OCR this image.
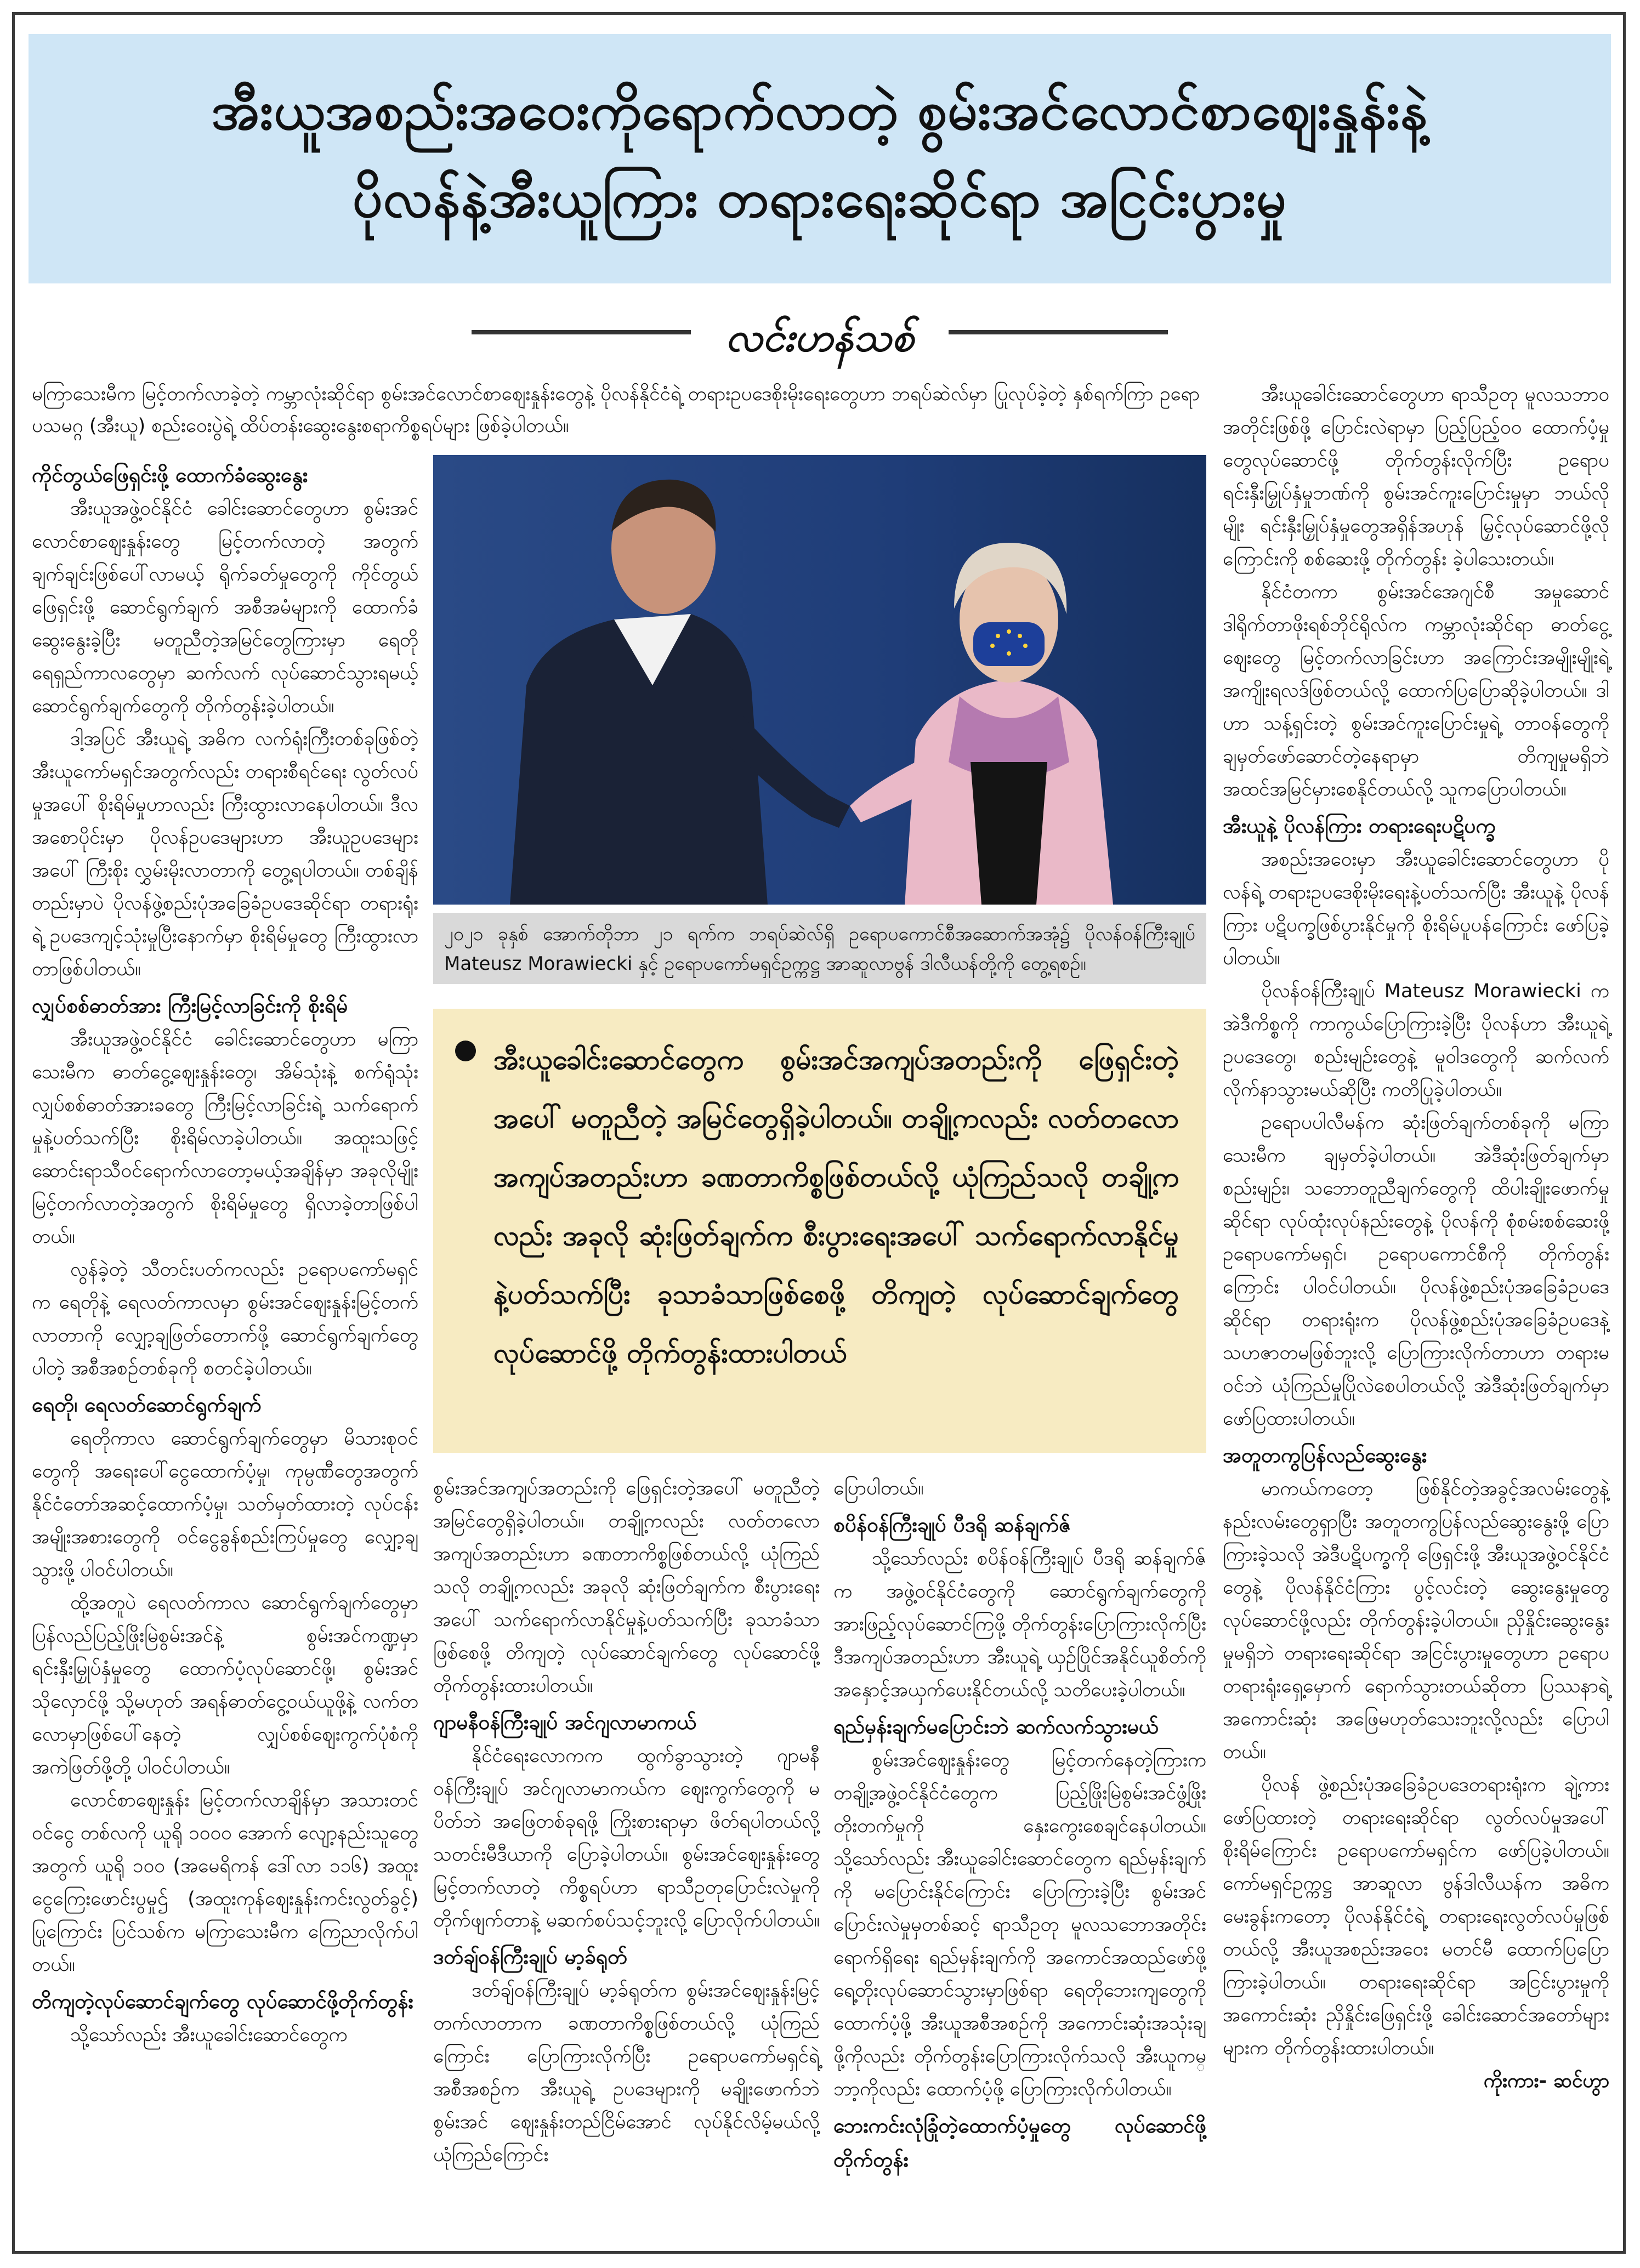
အီးယူအစည်းအဝေးကိုရောက်လာတဲ့ စွမ်းအင်လောင်စာဈေးနှုန်းနဲ့
ပိုလန်နဲ့အီးယူကြား တရားရေးဆိုင်ရာ အငြင်းပွားမှု
လင်းဟန်သစ်
မကြာသေးမီက မြင့်တက်လာခဲ့တဲ့ ကမ္ဘာလုံးဆိုင်ရာ စွမ်းအင်လောင်စာဈေးနှုန်းတွေနဲ့ ပိုလန်နိုင်ငံရဲ့ တရားဥပဒေစိုးမိုးရေးတွေဟာ ဘရပ်ဆဲလ်မှာ ပြုလုပ်ခဲ့တဲ့ နှစ်ရက်ကြာ ဥရောပသမဂ္ဂ (အီးယူ) စည်းဝေးပွဲရဲ့ ထိပ်တန်းဆွေးနွေးစရာကိစ္စရပ်များ ဖြစ်ခဲ့ပါတယ်။
ကိုင်တွယ်ဖြေရှင်းဖို့ ထောက်ခံဆွေးနွေး

အီးယူအဖွဲ့ဝင်နိုင်ငံ ခေါင်းဆောင်တွေဟာ စွမ်းအင်လောင်စာဈေးနှုန်းတွေ မြင့်တက်လာတဲ့ အတွက် ချက်ချင်းဖြစ်ပေါ်လာမယ့် ရိုက်ခတ်မှုတွေကို ကိုင်တွယ်ဖြေရှင်းဖို့ ဆောင်ရွက်ချက် အစီအမံများကို ထောက်ခံဆွေးနွေးခဲ့ပြီး မတူညီတဲ့အမြင်တွေကြားမှာ ရေတို ရေရှည်ကာလတွေမှာ ဆက်လက် လုပ်ဆောင်သွားရမယ့် ဆောင်ရွက်ချက်တွေကို တိုက်တွန်းခဲ့ပါတယ်။

ဒါ့အပြင် အီးယူရဲ့ အဓိက လက်ရုံးကြီးတစ်ခုဖြစ်တဲ့ အီးယူကော်မရှင်အတွက်လည်း တရားစီရင်ရေး လွတ်လပ်မှုအပေါ် စိုးရိမ်မှုဟာလည်း ကြီးထွားလာနေပါတယ်။ ဒီလအစောပိုင်းမှာ ပိုလန်ဥပဒေများဟာ အီးယူဥပဒေများအပေါ် ကြီးစိုး လွှမ်းမိုးလာတာကို တွေ့ရပါတယ်။ တစ်ချိန်တည်းမှာပဲ ပိုလန်ဖွဲ့စည်းပုံအခြေခံဥပဒေဆိုင်ရာ တရားရုံးရဲ့ ဥပဒေကျင့်သုံးမှုပြီးနောက်မှာ စိုးရိမ်မှုတွေ ကြီးထွားလာတာဖြစ်ပါတယ်။

လျှပ်စစ်ဓာတ်အား ကြီးမြင့်လာခြင်းကို စိုးရိမ်

အီးယူအဖွဲ့ဝင်နိုင်ငံ ခေါင်းဆောင်တွေဟာ မကြာသေးမီက ဓာတ်ငွေ့ဈေးနှုန်းတွေ၊ အိမ်သုံးနဲ့ စက်ရုံသုံး လျှပ်စစ်ဓာတ်အားခတွေ ကြီးမြင့်လာခြင်းရဲ့ သက်ရောက်မှုနဲ့ပတ်သက်ပြီး စိုးရိမ်လာခဲ့ပါတယ်။ အထူးသဖြင့် ဆောင်းရာသီဝင်ရောက်လာတော့မယ့်အချိန်မှာ အခုလိုမျိုး မြင့်တက်လာတဲ့အတွက် စိုးရိမ်မှုတွေ ရှိလာခဲ့တာဖြစ်ပါတယ်။

လွန်ခဲ့တဲ့ သီတင်းပတ်ကလည်း ဥရောပကော်မရှင်က ရေတိုနဲ့ ရေလတ်ကာလမှာ စွမ်းအင်ဈေးနှုန်းမြင့်တက်လာတာကို လျှော့ချဖြတ်တောက်ဖို့ ဆောင်ရွက်ချက်တွေပါတဲ့ အစီအစဉ်တစ်ခုကို စတင်ခဲ့ပါတယ်။

ရေတို၊ ရေလတ်ဆောင်ရွက်ချက်

ရေတိုကာလ ဆောင်ရွက်ချက်တွေမှာ မိသားစုဝင်တွေကို အရေးပေါ်ငွေထောက်ပံ့မှု၊ ကုမ္ပဏီတွေအတွက် နိုင်ငံတော်အဆင့်ထောက်ပံ့မှု၊ သတ်မှတ်ထားတဲ့ လုပ်ငန်းအမျိုးအစားတွေကို ဝင်ငွေခွန်စည်းကြပ်မှုတွေ လျှော့ချသွားဖို့ ပါဝင်ပါတယ်။

ထို့အတူပဲ ရေလတ်ကာလ ဆောင်ရွက်ချက်တွေမှာ ပြန်လည်ပြည့်ဖြိုးမြဲစွမ်းအင်နဲ့ စွမ်းအင်ကဏ္ဍမှာ ရင်းနှီးမြှုပ်နှံမှုတွေ ထောက်ပံ့လုပ်ဆောင်ဖို့၊ စွမ်းအင်သိုလှောင်ဖို့ သို့မဟုတ် အရန်ဓာတ်ငွေ့ဝယ်ယူဖို့နဲ့ လက်တလောမှာဖြစ်ပေါ်နေတဲ့ လျှပ်စစ်ဈေးကွက်ပုံစံကို အကဲဖြတ်ဖို့တို့ ပါဝင်ပါတယ်။

လောင်စာဈေးနှုန်း မြင့်တက်လာချိန်မှာ အသားတင်ဝင်ငွေ တစ်လကို ယူရို ၁၀၀၀ အောက် လျော့နည်းသူတွေအတွက် ယူရို ၁၀၀ (အမေရိကန် ဒေါ်လာ ၁၁၆) အထူးငွေကြေးဖောင်းပွမှုဌ် (အထူးကုန်ဈေးနှုန်းကင်းလွတ်ခွင့်) ပြုကြောင်း ပြင်သစ်က မကြာသေးမီက ကြေညာလိုက်ပါတယ်။

တိကျတဲ့လုပ်ဆောင်ချက်တွေ လုပ်ဆောင်ဖို့တိုက်တွန်း

သို့သော်လည်း အီးယူခေါင်းဆောင်တွေက

၂၀၂၁ ခုနှစ် အောက်တိုဘာ ၂၁ ရက်က ဘရပ်ဆဲလ်ရှိ ဥရောပကောင်စီအဆောက်အအုံ၌ ပိုလန်ဝန်ကြီးချုပ် Mateusz Morawiecki နှင့် ဥရောပကော်မရှင်ဥက္ကဋ္ဌ အာဆူလာဗွန် ဒါလီယန်တို့ကို တွေ့ရစဉ်။
အီးယူခေါင်းဆောင်တွေက စွမ်းအင်အကျပ်အတည်းကို ဖြေရှင်းတဲ့အပေါ် မတူညီတဲ့ အမြင်တွေရှိခဲ့ပါတယ်။ တချို့ကလည်း လတ်တလောအကျပ်အတည်းဟာ ခဏတာကိစ္စဖြစ်တယ်လို့ ယုံကြည်သလို တချို့ကလည်း အခုလို ဆုံးဖြတ်ချက်က စီးပွားရေးအပေါ် သက်ရောက်လာနိုင်မှုနဲ့ပတ်သက်ပြီး ခုသာခံသာဖြစ်စေဖို့ တိကျတဲ့ လုပ်ဆောင်ချက်တွေလုပ်ဆောင်ဖို့ တိုက်တွန်းထားပါတယ်

စွမ်းအင်အကျပ်အတည်းကို ဖြေရှင်းတဲ့အပေါ် မတူညီတဲ့ အမြင်တွေရှိခဲ့ပါတယ်။ တချို့ကလည်း လတ်တလောအကျပ်အတည်းဟာ ခဏတာကိစ္စဖြစ်တယ်လို့ ယုံကြည်သလို တချို့ကလည်း အခုလို ဆုံးဖြတ်ချက်က စီးပွားရေးအပေါ် သက်ရောက်လာနိုင်မှုနဲ့ပတ်သက်ပြီး ခုသာခံသာဖြစ်စေဖို့ တိကျတဲ့ လုပ်ဆောင်ချက်တွေ လုပ်ဆောင်ဖို့ တိုက်တွန်းထားပါတယ်။

ဂျာမနီဝန်ကြီးချုပ် အင်ဂျလာမာကယ်

နိုင်ငံရေးလောကက ထွက်ခွာသွားတဲ့ ဂျာမနီဝန်ကြီးချုပ် အင်ဂျလာမာကယ်က ဈေးကွက်တွေကို မပိတ်ဘဲ အဖြေတစ်ခုရဖို့ ကြိုးစားရာမှာ ဖိတ်ရပါတယ်လို့ သတင်းမီဒီယာကို ပြောခဲ့ပါတယ်။ စွမ်းအင်ဈေးနှုန်းတွေ မြင့်တက်လာတဲ့ ကိစ္စရပ်ဟာ ရာသီဥတုပြောင်းလဲမှုကို တိုက်ဖျက်တာနဲ့ မဆက်စပ်သင့်ဘူးလို့ ပြောလိုက်ပါတယ်။

ဒတ်ချ်ဝန်ကြီးချုပ် မာ့ခ်ရုတ်

ဒတ်ချ်ဝန်ကြီးချုပ် မာ့ခ်ရုတ်က စွမ်းအင်ဈေးနှုန်းမြင့်တက်လာတာက ခဏတာကိစ္စဖြစ်တယ်လို့ ယုံကြည်ကြောင်း ပြောကြားလိုက်ပြီး ဥရောပကော်မရှင်ရဲ့ အစီအစဉ်က အီးယူရဲ့ ဥပဒေများကို မချိုးဖောက်ဘဲ စွမ်းအင် ဈေးနှုန်းတည်ငြိမ်အောင် လုပ်နိုင်လိမ့်မယ်လို့ ယုံကြည်ကြောင်း

ပြောပါတယ်။

စပိန်ဝန်ကြီးချုပ် ပီဒရို ဆန်ချက်ဇ်

သို့သော်လည်း စပိန်ဝန်ကြီးချုပ် ပီဒရို ဆန်ချက်ဇ်က အဖွဲ့ဝင်နိုင်ငံတွေကို ဆောင်ရွက်ချက်တွေကို အားဖြည့်လုပ်ဆောင်ကြဖို့ တိုက်တွန်းပြောကြားလိုက်ပြီး ဒီအကျပ်အတည်းဟာ အီးယူရဲ့ ယှဉ်ပြိုင်အနိုင်ယူစိတ်ကို အနှောင့်အယှက်ပေးနိုင်တယ်လို့ သတိပေးခဲ့ပါတယ်။

ရည်မှန်းချက်မပြောင်းဘဲ ဆက်လက်သွားမယ်

စွမ်းအင်ဈေးနှုန်းတွေ မြင့်တက်နေတဲ့ကြားက တချို့အဖွဲ့ဝင်နိုင်ငံတွေက ပြည့်ဖြိုးမြဲစွမ်းအင်ဖွံ့ဖြိုး တိုးတက်မှုကို နှေးကွေးစေချင်နေပါတယ်။ သို့သော်လည်း အီးယူခေါင်းဆောင်တွေက ရည်မှန်းချက်ကို မပြောင်းနိုင်ကြောင်း ပြောကြားခဲ့ပြီး စွမ်းအင်ပြောင်းလဲမှုမှတစ်ဆင့် ရာသီဥတု မူလသဘောအတိုင်းရောက်ရှိရေး ရည်မှန်းချက်ကို အကောင်အထည်ဖော်ဖို့ ရေ့တိုးလုပ်ဆောင်သွားမှာဖြစ်ရာ ရေတိုဘေးကျတွေကို ထောက်ပံ့ဖို့ အီးယူအစီအစဉ်ကို အကောင်းဆုံးအသုံးချဖို့ကိုလည်း တိုက်တွန်းပြောကြားလိုက်သလို အီးယူကမ္ဘာ့ကိုလည်း ထောက်ပံ့ဖို့ ပြောကြားလိုက်ပါတယ်။

ဘေးကင်းလုံခြုံတဲ့ထောက်ပံ့မှုတွေ လုပ်ဆောင်ဖို့တိုက်တွန်း

အီးယူခေါင်းဆောင်တွေဟာ ရာသီဥတု မူလသဘာဝအတိုင်းဖြစ်ဖို့ ပြောင်းလဲရာမှာ ပြည့်ပြည့်ဝဝ ထောက်ပံ့မှုတွေလုပ်ဆောင်ဖို့ တိုက်တွန်းလိုက်ပြီး ဥရောပရင်းနှီးမြှုပ်နှံမှုဘဏ်ကို စွမ်းအင်ကူးပြောင်းမှုမှာ ဘယ်လိုမျိုး ရင်းနှီးမြှုပ်နှံမှုတွေအရှိန်အဟုန် မြှင့်လုပ်ဆောင်ဖို့လိုကြောင်းကို စစ်ဆေးဖို့ တိုက်တွန်း ခဲ့ပါသေးတယ်။

နိုင်ငံတကာ စွမ်းအင်အေဂျင်စီ အမှုဆောင် ဒါရိုက်တာဖိုးရစ်ဘိုင်ရိုလ်က ကမ္ဘာလုံးဆိုင်ရာ ဓာတ်ငွေ့ဈေးတွေ မြင့်တက်လာခြင်းဟာ အကြောင်းအမျိုးမျိုးရဲ့ အကျိုးရလဒ်ဖြစ်တယ်လို့ ထောက်ပြပြောဆိုခဲ့ပါတယ်။ ဒါဟာ သန့်ရှင်းတဲ့ စွမ်းအင်ကူးပြောင်းမှုရဲ့ တာဝန်တွေကို ချမှတ်ဖော်ဆောင်တဲ့နေရာမှာ တိကျမှုမရှိဘဲ အထင်အမြင်မှားစေနိုင်တယ်လို့ သူကပြောပါတယ်။

အီးယူနဲ့ ပိုလန်ကြား တရားရေးပဋိပက္ခ

အစည်းအဝေးမှာ အီးယူခေါင်းဆောင်တွေဟာ ပိုလန်ရဲ့ တရားဥပဒေစိုးမိုးရေးနဲ့ပတ်သက်ပြီး အီးယူနဲ့ ပိုလန်ကြား ပဋိပက္ခဖြစ်ပွားနိုင်မှုကို စိုးရိမ်ပူပန်ကြောင်း ဖော်ပြခဲ့ပါတယ်။

ပိုလန်ဝန်ကြီးချုပ် Mateusz Morawiecki က အဲဒီကိစ္စကို ကာကွယ်ပြောကြားခဲ့ပြီး ပိုလန်ဟာ အီးယူရဲ့ ဥပဒေတွေ၊ စည်းမျဉ်းတွေနဲ့ မူဝါဒတွေကို ဆက်လက်လိုက်နာသွားမယ်ဆိုပြီး ကတိပြုခဲ့ပါတယ်။

ဥရောပပါလီမန်က ဆုံးဖြတ်ချက်တစ်ခုကို မကြာသေးမီက ချမှတ်ခဲ့ပါတယ်။ အဲဒီဆုံးဖြတ်ချက်မှာ စည်းမျဉ်း၊ သဘောတူညီချက်တွေကို ထိပါးချိုးဖောက်မှုဆိုင်ရာ လုပ်ထုံးလုပ်နည်းတွေနဲ့ ပိုလန်ကို စုံစမ်းစစ်ဆေးဖို့ ဥရောပကော်မရှင်၊ ဥရောပကောင်စီကို တိုက်တွန်းကြောင်း ပါဝင်ပါတယ်။ ပိုလန်ဖွဲ့စည်းပုံအခြေခံဥပဒေဆိုင်ရာ တရားရုံးက ပိုလန်ဖွဲ့စည်းပုံအခြေခံဥပဒေနဲ့ သဟဇာတမဖြစ်ဘူးလို့ ပြောကြားလိုက်တာဟာ တရားမဝင်ဘဲ ယုံကြည်မှုပြိုလဲစေပါတယ်လို့ အဲဒီဆုံးဖြတ်ချက်မှာ ဖော်ပြထားပါတယ်။

အတူတကွပြန်လည်ဆွေးနွေး

မာကယ်ကတော့ ဖြစ်နိုင်တဲ့အခွင့်အလမ်းတွေနဲ့ နည်းလမ်းတွေရှာပြီး အတူတကွပြန်လည်ဆွေးနွေးဖို့ ပြောကြားခဲ့သလို အဲဒီပဋိပက္ခကို ဖြေရှင်းဖို့ အီးယူအဖွဲ့ဝင်နိုင်ငံတွေနဲ့ ပိုလန်နိုင်ငံကြား ပွင့်လင်းတဲ့ ဆွေးနွေးမှုတွေ လုပ်ဆောင်ဖို့လည်း တိုက်တွန်းခဲ့ပါတယ်။ ညှိနှိုင်းဆွေးနွေးမှုမရှိဘဲ တရားရေးဆိုင်ရာ အငြင်းပွားမှုတွေဟာ ဥရောပတရားရုံးရှေ့မှောက် ရောက်သွားတယ်ဆိုတာ ပြဿနာရဲ့ အကောင်းဆုံး အဖြေမဟုတ်သေးဘူးလို့လည်း ပြောပါတယ်။

ပိုလန် ဖွဲ့စည်းပုံအခြေခံဥပဒေတရားရုံးက ချဲ့ကားဖော်ပြထားတဲ့ တရားရေးဆိုင်ရာ လွတ်လပ်မှုအပေါ် စိုးရိမ်ကြောင်း ဥရောပကော်မရှင်က ဖော်ပြခဲ့ပါတယ်။ ကော်မရှင်ဥက္ကဋ္ဌ အာဆူလာ ဗွန်ဒါလီယန်က အဓိက မေးခွန်းကတော့ ပိုလန်နိုင်ငံရဲ့ တရားရေးလွတ်လပ်မှုဖြစ်တယ်လို့ အီးယူအစည်းအဝေး မတင်မီ ထောက်ပြပြောကြားခဲ့ပါတယ်။ တရားရေးဆိုင်ရာ အငြင်းပွားမှုကို အကောင်းဆုံး ညှိနှိုင်းဖြေရှင်းဖို့ ခေါင်းဆောင်အတော်များများက တိုက်တွန်းထားပါတယ်။

ကိုးကား- ဆင်ဟွာ
